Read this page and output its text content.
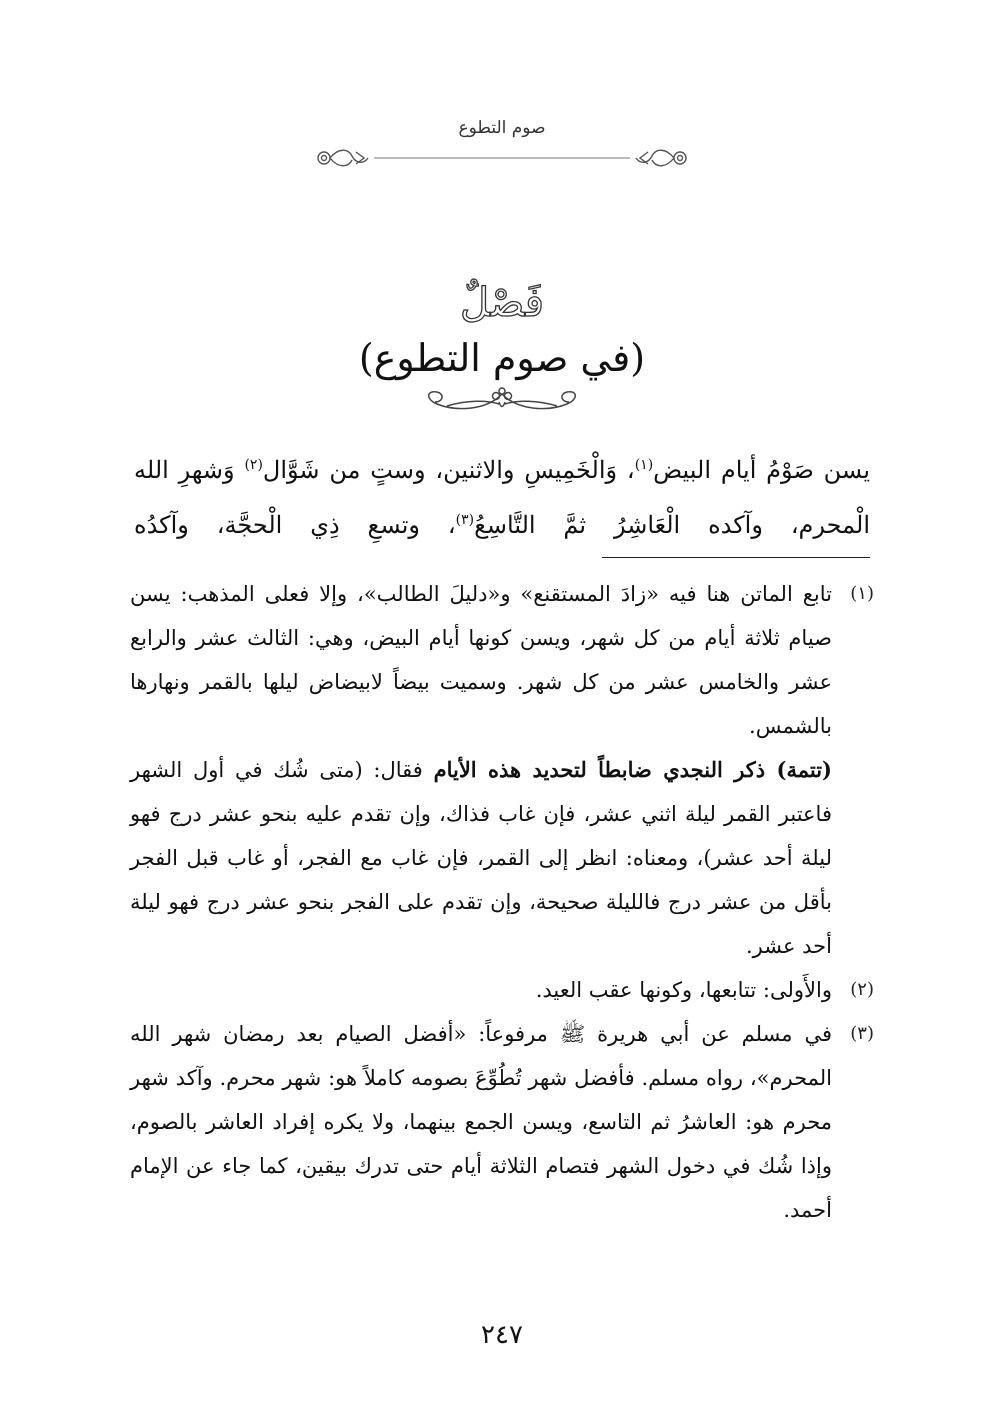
صوم التطوع
فَصْلٌ
(في صوم التطوع)

يسن صَوْمُ أيام البيض$^{(١)}$، وَالْخَمِيسِ والاثنين، وستٍ من شَوَّال$^{(٢)}$ وَشهرِ الله الْمحرم، وآكده الْعَاشِرُ ثمَّ التَّاسِعُ$^{(٣)}$، وتسعِ ذِي الْحجَّة، وآكدُه

(١)

تابع الماتن هنا فيه «زادَ المستقنع» و«دليلَ الطالب»، وإلا فعلى المذهب: يسن صيام ثلاثة أيام من كل شهر، ويسن كونها أيام البيض، وهي: الثالث عشر والرابع عشر والخامس عشر من كل شهر. وسميت بيضاً لابيضاض ليلها بالقمر ونهارها بالشمس.

(تتمة) ذكر النجدي ضابطاً لتحديد هذه الأيام فقال: (متى شُك في أول الشهر فاعتبر القمر ليلة اثني عشر، فإن غاب فذاك، وإن تقدم عليه بنحو عشر درج فهو ليلة أحد عشر)، ومعناه: انظر إلى القمر، فإن غاب مع الفجر، أو غاب قبل الفجر بأقل من عشر درج فالليلة صحيحة، وإن تقدم على الفجر بنحو عشر درج فهو ليلة أحد عشر.

(٢)

والأَولى: تتابعها، وكونها عقب العيد.

(٣)

في مسلم عن أبي هريرة ﷺ مرفوعاً: «أفضل الصيام بعد رمضان شهر الله المحرم»، رواه مسلم. فأفضل شهر تُطُوِّعَ بصومه كاملاً هو: شهر محرم. وآكد شهر محرم هو: العاشرُ ثم التاسع، ويسن الجمع بينهما، ولا يكره إفراد العاشر بالصوم، وإذا شُك في دخول الشهر فتصام الثلاثة أيام حتى تدرك بيقين، كما جاء عن الإمام أحمد.

٢٤٧
